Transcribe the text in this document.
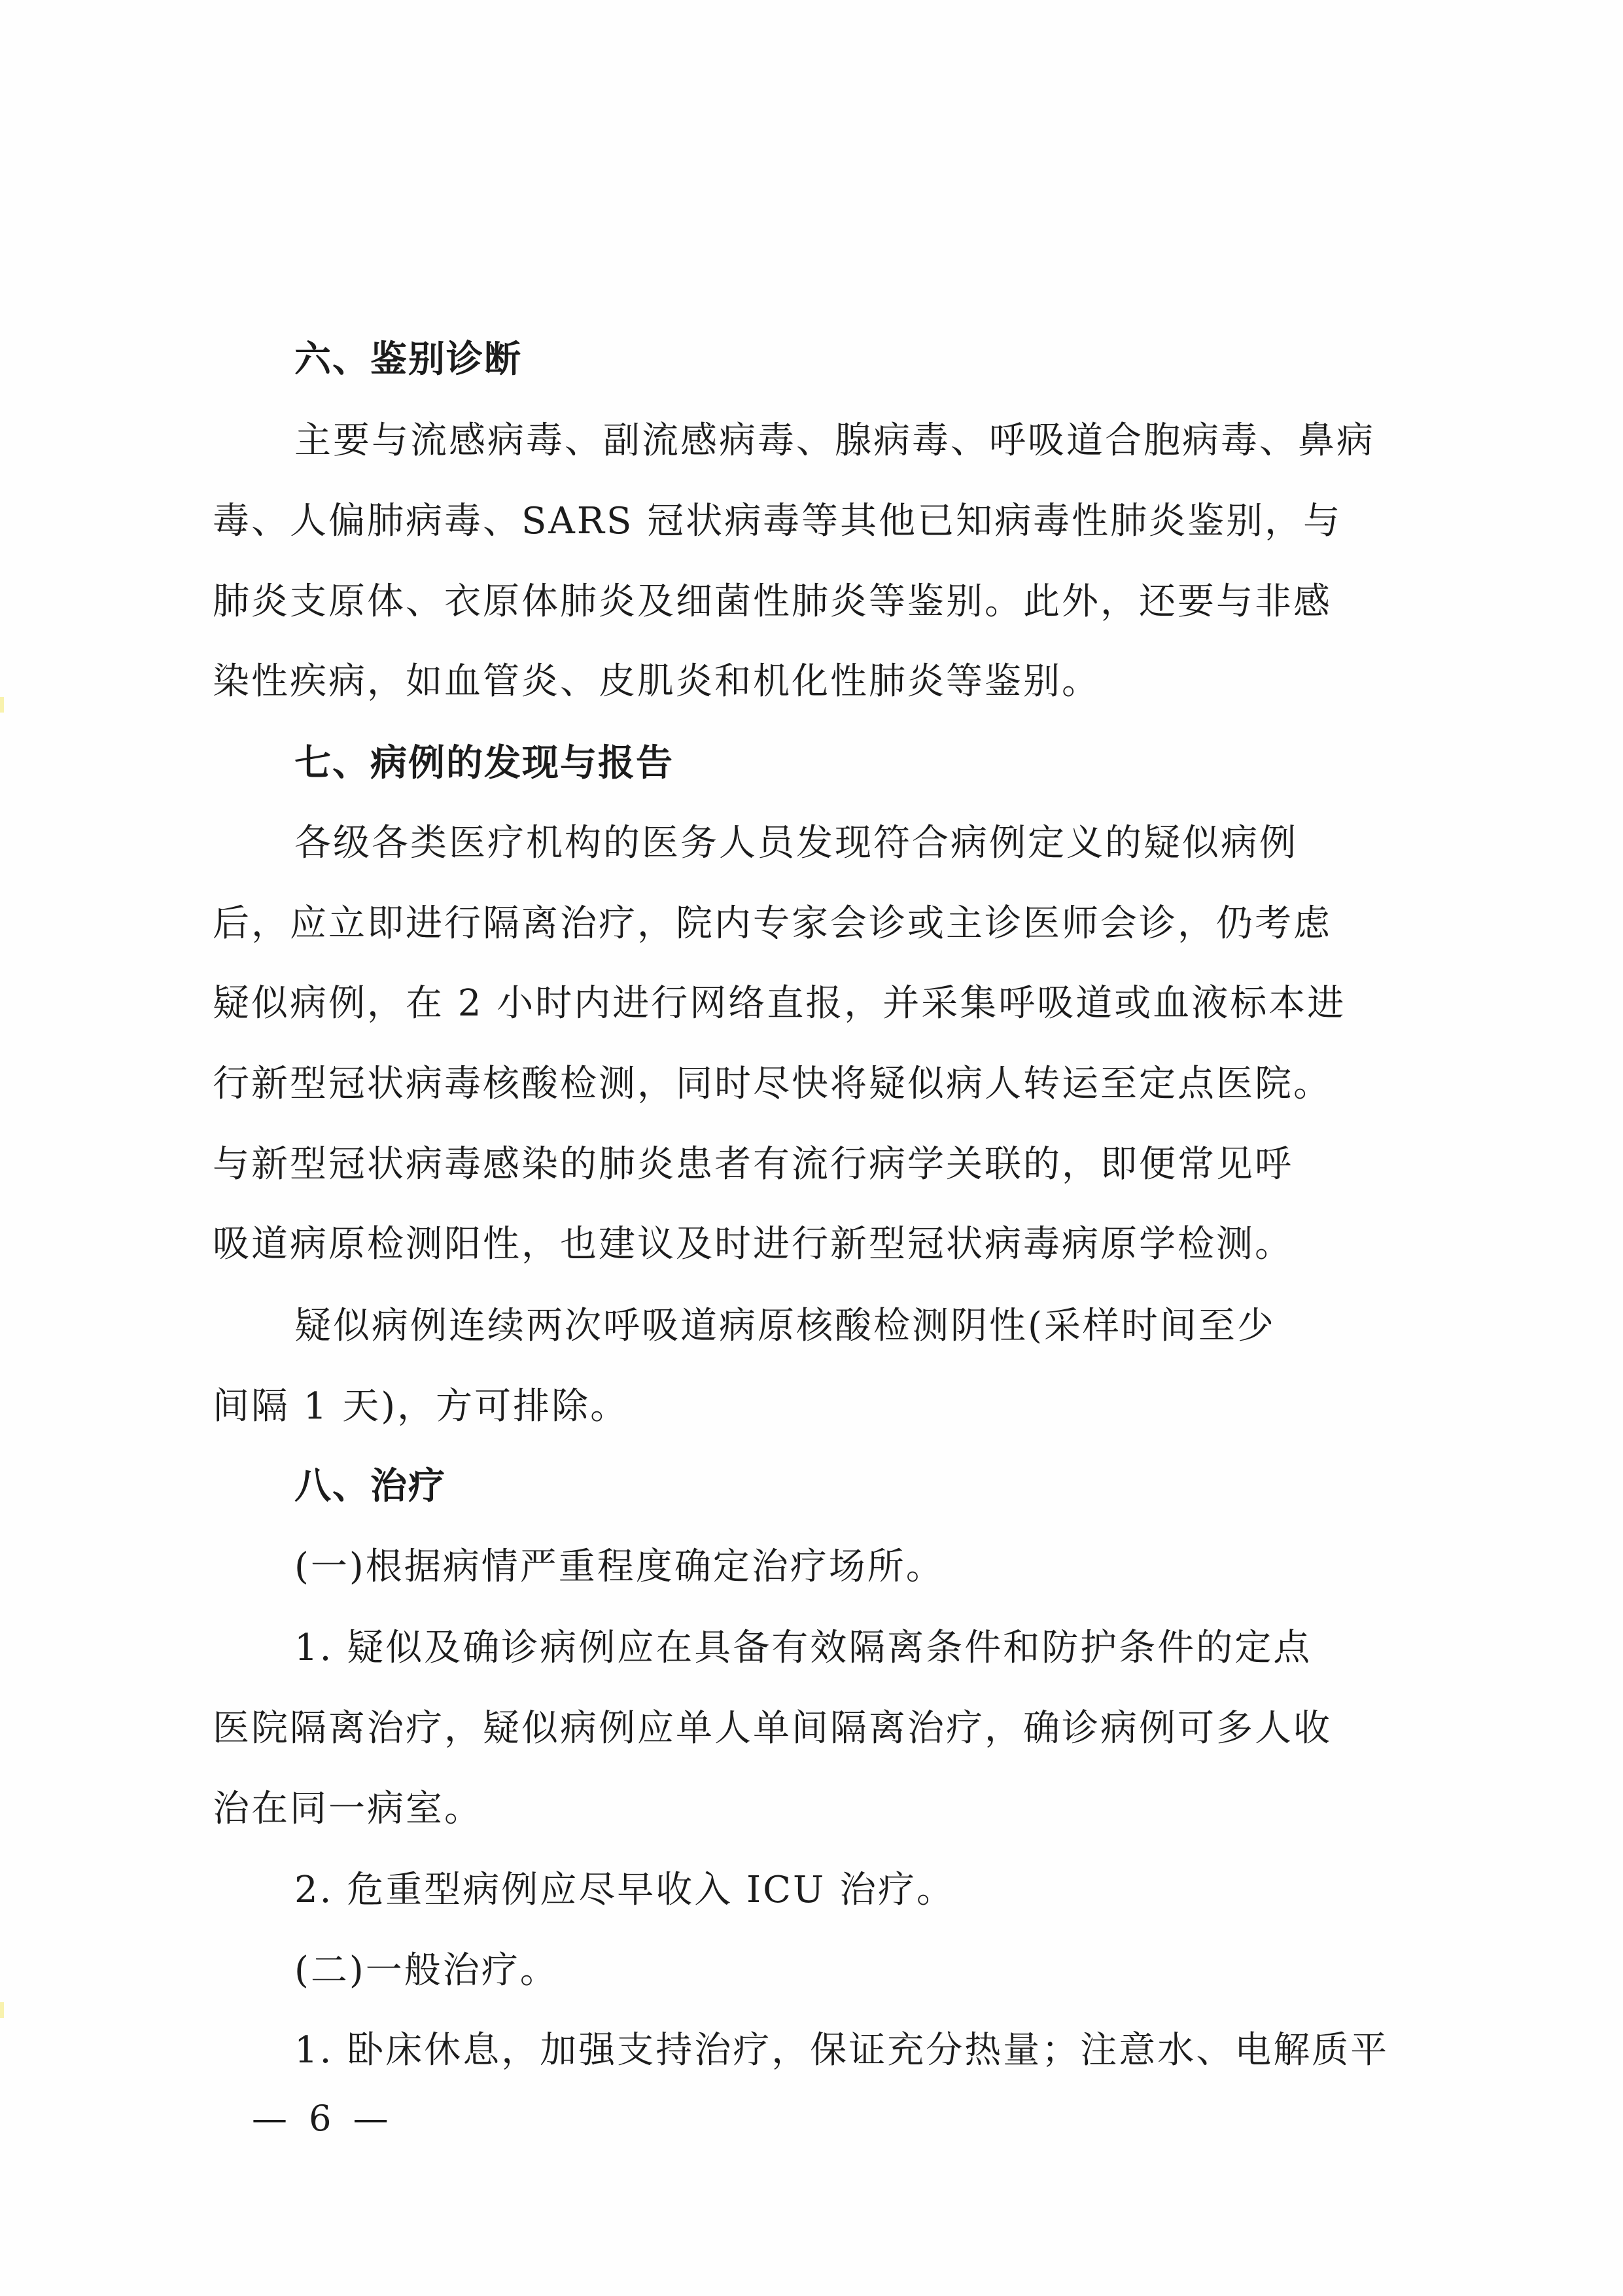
六、鉴别诊断
主要与流感病毒、副流感病毒、腺病毒、呼吸道合胞病毒、鼻病
毒、人偏肺病毒、SARS 冠状病毒等其他已知病毒性肺炎鉴别，与
肺炎支原体、衣原体肺炎及细菌性肺炎等鉴别。此外，还要与非感
染性疾病，如血管炎、皮肌炎和机化性肺炎等鉴别。
七、病例的发现与报告
各级各类医疗机构的医务人员发现符合病例定义的疑似病例
后，应立即进行隔离治疗，院内专家会诊或主诊医师会诊，仍考虑
疑似病例，在 2 小时内进行网络直报，并采集呼吸道或血液标本进
行新型冠状病毒核酸检测，同时尽快将疑似病人转运至定点医院。
与新型冠状病毒感染的肺炎患者有流行病学关联的，即便常见呼
吸道病原检测阳性，也建议及时进行新型冠状病毒病原学检测。
疑似病例连续两次呼吸道病原核酸检测阴性(采样时间至少
间隔 1 天)，方可排除。
八、治疗
(一)根据病情严重程度确定治疗场所。
1. 疑似及确诊病例应在具备有效隔离条件和防护条件的定点
医院隔离治疗，疑似病例应单人单间隔离治疗，确诊病例可多人收
治在同一病室。
2. 危重型病例应尽早收入 ICU 治疗。
(二)一般治疗。
1. 卧床休息，加强支持治疗，保证充分热量；注意水、电解质平
— 6 —
